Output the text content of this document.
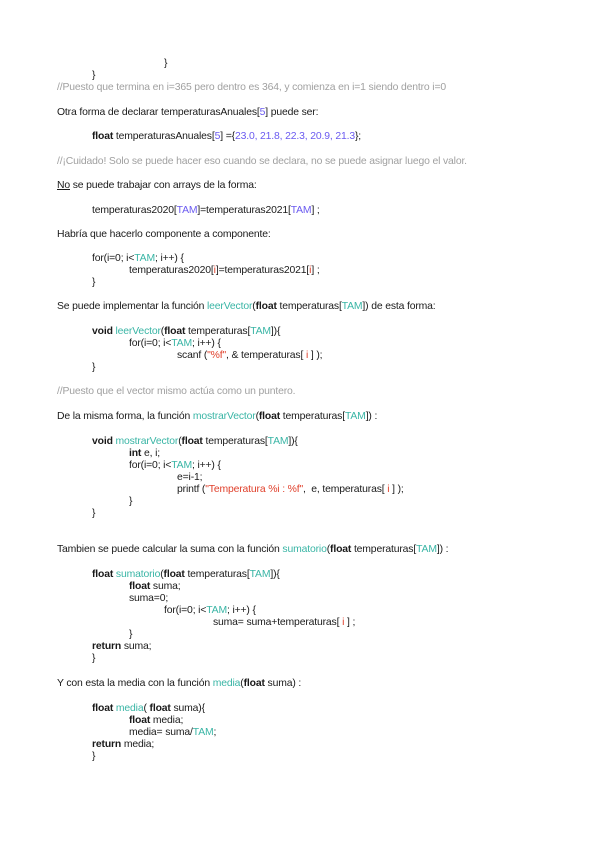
}
}
//Puesto que termina en i=365 pero dentro es 364, y comienza en i=1 siendo dentro i=0
Otra forma de declarar temperaturasAnuales[5] puede ser:
float temperaturasAnuales[5] ={23.0, 21.8, 22.3, 20.9, 21.3};
//¡Cuidado! Solo se puede hacer eso cuando se declara, no se puede asignar luego el valor.
No se puede trabajar con arrays de la forma:
temperaturas2020[TAM]=temperaturas2021[TAM] ;
Habría que hacerlo componente a componente:
for(i=0; i<TAM; i++) {
temperaturas2020[i]=temperaturas2021[i] ;
}
Se puede implementar la función leerVector(float temperaturas[TAM]) de esta forma:
void leerVector(float temperaturas[TAM]){
for(i=0; i<TAM; i++) {
scanf ("%f", & temperaturas[ i ] );
}
//Puesto que el vector mismo actúa como un puntero.
De la misma forma, la función mostrarVector(float temperaturas[TAM]) :
void mostrarVector(float temperaturas[TAM]){
int e, i;
for(i=0; i<TAM; i++) {
e=i-1;
printf ("Temperatura %i : %f",  e, temperaturas[ i ] );
}
}
Tambien se puede calcular la suma con la función sumatorio(float temperaturas[TAM]) :
float sumatorio(float temperaturas[TAM]){
float suma;
suma=0;
for(i=0; i<TAM; i++) {
suma= suma+temperaturas[ i ] ;
}
return suma;
}
Y con esta la media con la función media(float suma) :
float media( float suma){
float media;
media= suma/TAM;
return media;
}
